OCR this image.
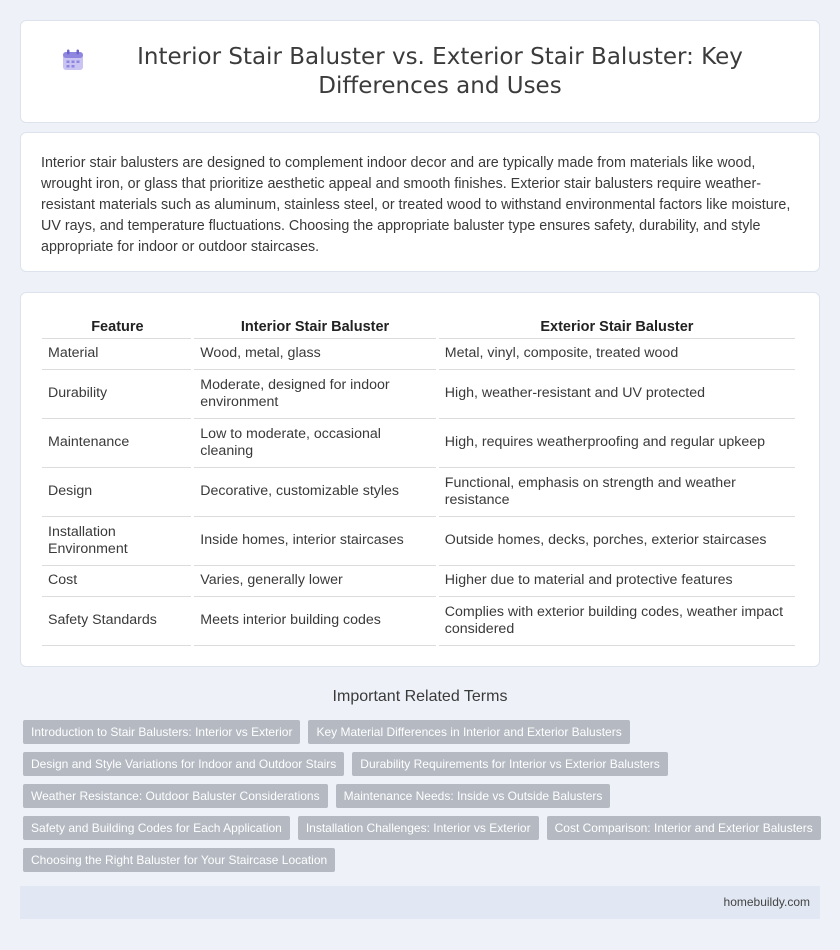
Interior Stair Baluster vs. Exterior Stair Baluster: Key Differences and Uses

Interior stair balusters are designed to complement indoor decor and are typically made from materials like wood, wrought iron, or glass that prioritize aesthetic appeal and smooth finishes. Exterior stair balusters require weather-resistant materials such as aluminum, stainless steel, or treated wood to withstand environmental factors like moisture, UV rays, and temperature fluctuations. Choosing the appropriate baluster type ensures safety, durability, and style appropriate for indoor or outdoor staircases.

Feature	Interior Stair Baluster	Exterior Stair Baluster
Material	Wood, metal, glass	Metal, vinyl, composite, treated wood
Durability	Moderate, designed for indoor environment	High, weather-resistant and UV protected
Maintenance	Low to moderate, occasional cleaning	High, requires weatherproofing and regular upkeep
Design	Decorative, customizable styles	Functional, emphasis on strength and weather resistance
Installation Environment	Inside homes, interior staircases	Outside homes, decks, porches, exterior staircases
Cost	Varies, generally lower	Higher due to material and protective features
Safety Standards	Meets interior building codes	Complies with exterior building codes, weather impact considered
Important Related Terms
Introduction to Stair Balusters: Interior vs Exterior	Key Material Differences in Interior and Exterior Balusters
Design and Style Variations for Indoor and Outdoor Stairs	Durability Requirements for Interior vs Exterior Balusters
Weather Resistance: Outdoor Baluster Considerations	Maintenance Needs: Inside vs Outside Balusters
Safety and Building Codes for Each Application	Installation Challenges: Interior vs Exterior	Cost Comparison: Interior and Exterior Balusters
Choosing the Right Baluster for Your Staircase Location
homebuildy.com
